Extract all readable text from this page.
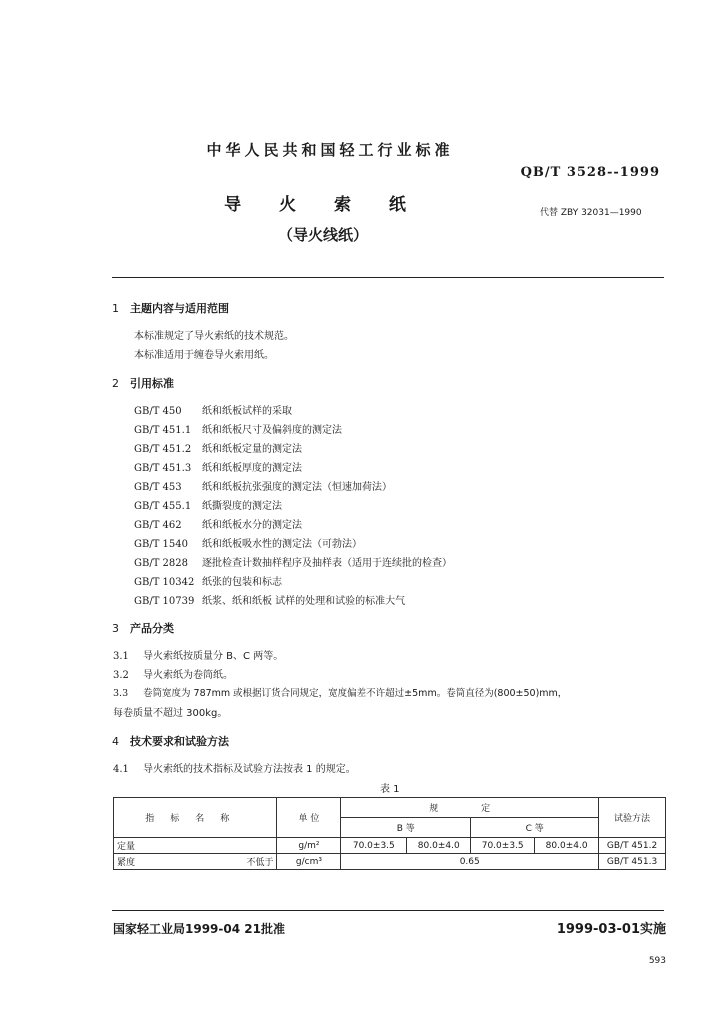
中华人民共和国轻工行业标准
QB/T 3528--1999
导 火 索 纸	代替 ZBY 32031—1990
（导火线纸）
1 主题内容与适用范围
本标准规定了导火索纸的技术规范。
本标准适用于缠卷导火索用纸。
2 引用标准
GB/T 450 纸和纸板试样的采取
GB/T 451.1 纸和纸板尺寸及偏斜度的测定法
GB/T 451.2 纸和纸板定量的测定法
GB/T 451.3 纸和纸板厚度的测定法
GB/T 453 纸和纸板抗张强度的测定法（恒速加荷法）
GB/T 455.1 纸撕裂度的测定法
GB/T 462 纸和纸板水分的测定法
GB/T 1540 纸和纸板吸水性的测定法（可勃法）
GB/T 2828 逐批检查计数抽样程序及抽样表（适用于连续批的检查）
GB/T 10342 纸张的包装和标志
GB/T 10739 纸浆、纸和纸板 试样的处理和试验的标准大气
3 产品分类
3.1 导火索纸按质量分 B、C 两等。
3.2 导火索纸为卷筒纸。
3.3 卷筒宽度为 787mm 或根据订货合同规定，宽度偏差不许超过±5mm。卷筒直径为(800±50)mm，
每卷质量不超过 300kg。
4 技术要求和试验方法
4.1 导火索纸的技术指标及试验方法按表 1 的规定。
表 1
指标名称	单 位	规 定				试验方法
		B 等		C 等		
定量	g/m²	70.0±3.5	80.0±4.0	70.0±3.5	80.0±4.0	GB/T 451.2
紧度 不低于	g/cm³	0.65				GB/T 451.3
国家轻工业局1999-04 21批准	1999-03-01实施
593
